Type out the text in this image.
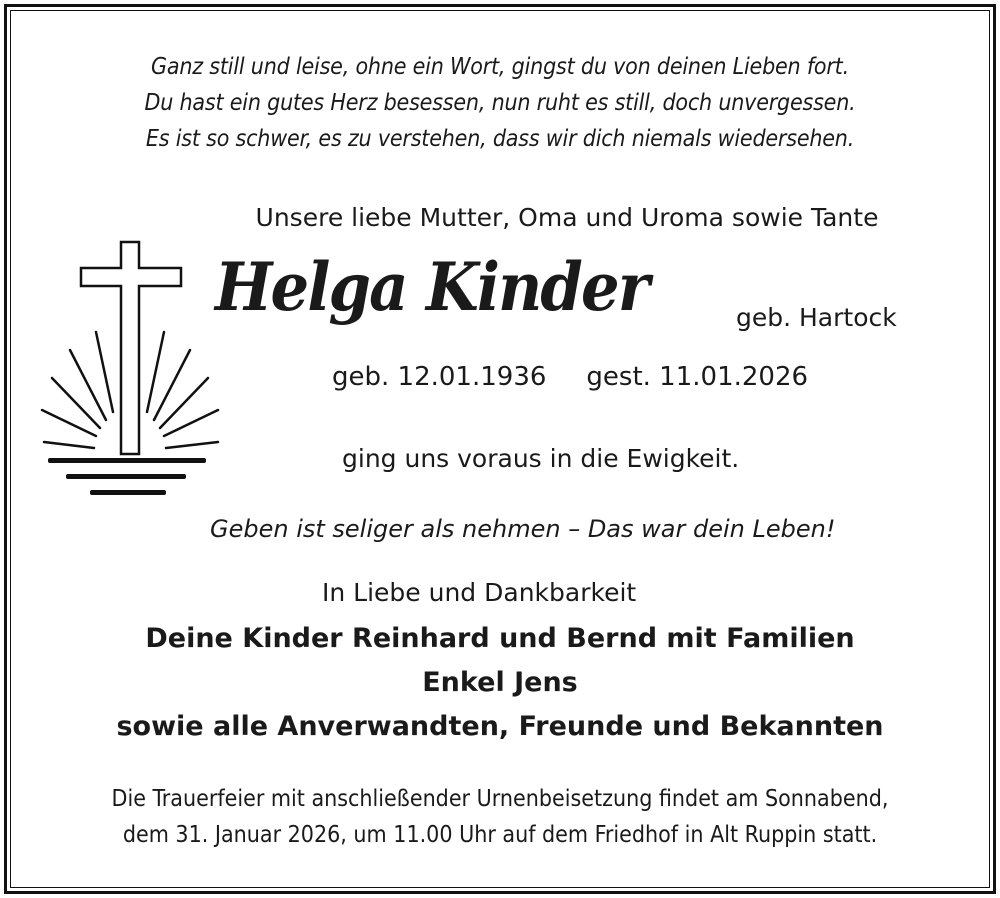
Ganz still und leise, ohne ein Wort, gingst du von deinen Lieben fort.
Du hast ein gutes Herz besessen, nun ruht es still, doch unvergessen.
Es ist so schwer, es zu verstehen, dass wir dich niemals wiedersehen.
Unsere liebe Mutter, Oma und Uroma sowie Tante
Helga Kinder	geb. Hartock
geb. 12.01.1936 gest. 11.01.2026
ging uns voraus in die Ewigkeit.
Geben ist seliger als nehmen – Das war dein Leben!
In Liebe und Dankbarkeit
Deine Kinder Reinhard und Bernd mit Familien
Enkel Jens
sowie alle Anverwandten, Freunde und Bekannten
Die Trauerfeier mit anschließender Urnenbeisetzung findet am Sonnabend,
dem 31. Januar 2026, um 11.00 Uhr auf dem Friedhof in Alt Ruppin statt.
